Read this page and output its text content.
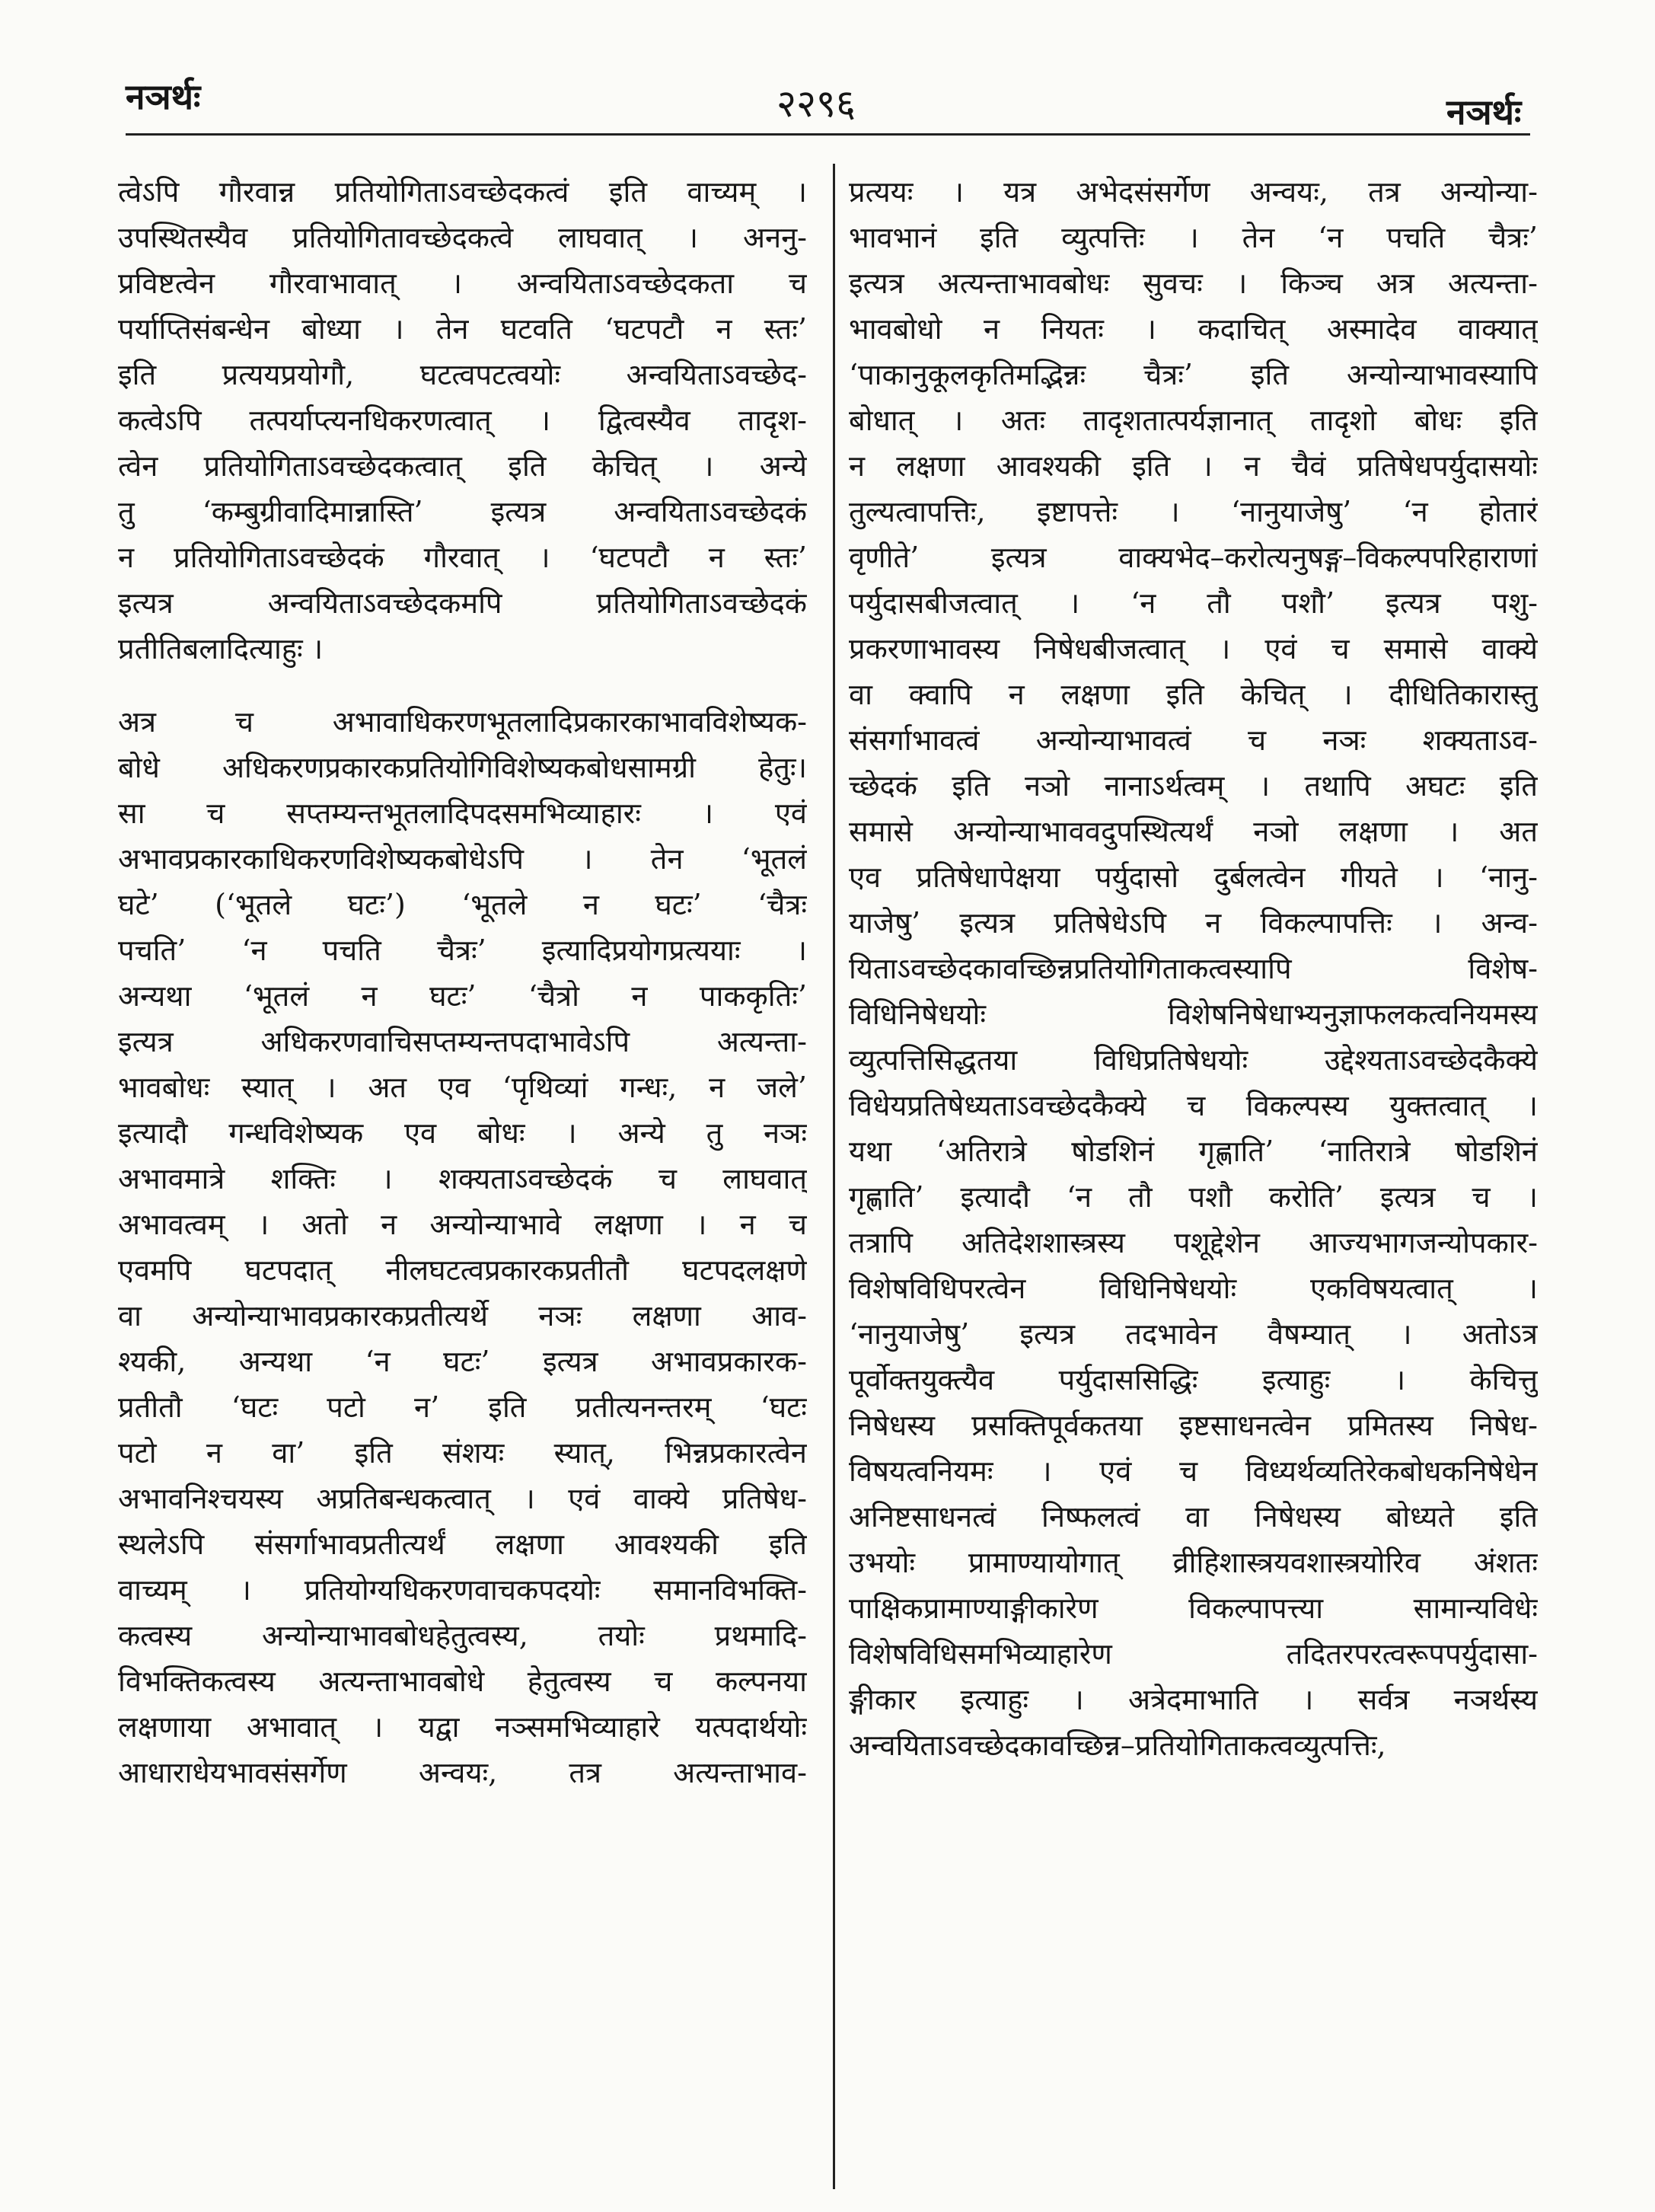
नञर्थः	२२९६	नञर्थः
त्वेऽपि गौरवान्न प्रतियोगिताऽवच्छेदकत्वं इति वाच्यम् ।
उपस्थितस्यैव प्रतियोगितावच्छेदकत्वे लाघवात् । अननु-
प्रविष्टत्वेन गौरवाभावात् । अन्वयिताऽवच्छेदकता च
पर्याप्तिसंबन्धेन बोध्या । तेन घटवति ‘घटपटौ न स्तः’
इति प्रत्ययप्रयोगौ, घटत्वपटत्वयोः अन्वयिताऽवच्छेद-
कत्वेऽपि तत्पर्याप्त्यनधिकरणत्वात् । द्वित्वस्यैव तादृश-
त्वेन प्रतियोगिताऽवच्छेदकत्वात् इति केचित् । अन्ये
तु ‘कम्बुग्रीवादिमान्नास्ति’ इत्यत्र अन्वयिताऽवच्छेदकं
न प्रतियोगिताऽवच्छेदकं गौरवात् । ‘घटपटौ न स्तः’
इत्यत्र अन्वयिताऽवच्छेदकमपि प्रतियोगिताऽवच्छेदकं
प्रतीतिबलादित्याहुः ।
अत्र च अभावाधिकरणभूतलादिप्रकारकाभावविशेष्यक-
बोधे अधिकरणप्रकारकप्रतियोगिविशेष्यकबोधसामग्री हेतुः।
सा च सप्तम्यन्तभूतलादिपदसमभिव्याहारः । एवं
अभावप्रकारकाधिकरणविशेष्यकबोधेऽपि । तेन ‘भूतलं
घटे’ (‘भूतले घटः’) ‘भूतले न घटः’ ‘चैत्रः
पचति’ ‘न पचति चैत्रः’ इत्यादिप्रयोगप्रत्ययाः ।
अन्यथा ‘भूतलं न घटः’ ‘चैत्रो न पाककृतिः’
इत्यत्र अधिकरणवाचिसप्तम्यन्तपदाभावेऽपि अत्यन्ता-
भावबोधः स्यात् । अत एव ‘पृथिव्यां गन्धः, न जले’
इत्यादौ गन्धविशेष्यक एव बोधः । अन्ये तु नञः
अभावमात्रे शक्तिः । शक्यताऽवच्छेदकं च लाघवात्
अभावत्वम् । अतो न अन्योन्याभावे लक्षणा । न च
एवमपि घटपदात् नीलघटत्वप्रकारकप्रतीतौ घटपदलक्षणे
वा अन्योन्याभावप्रकारकप्रतीत्यर्थे नञः लक्षणा आव-
श्यकी, अन्यथा ‘न घटः’ इत्यत्र अभावप्रकारक-
प्रतीतौ ‘घटः पटो न’ इति प्रतीत्यनन्तरम् ‘घटः
पटो न वा’ इति संशयः स्यात्, भिन्नप्रकारत्वेन
अभावनिश्चयस्य अप्रतिबन्धकत्वात् । एवं वाक्ये प्रतिषेध-
स्थलेऽपि संसर्गाभावप्रतीत्यर्थं लक्षणा आवश्यकी इति
वाच्यम् । प्रतियोग्यधिकरणवाचकपदयोः समानविभक्ति-
कत्वस्य अन्योन्याभावबोधहेतुत्वस्य, तयोः प्रथमादि-
विभक्तिकत्वस्य अत्यन्ताभावबोधे हेतुत्वस्य च कल्पनया
लक्षणाया अभावात् । यद्वा नञ्समभिव्याहारे यत्पदार्थयोः
आधाराधेयभावसंसर्गेण अन्वयः, तत्र अत्यन्ताभाव-
प्रत्ययः । यत्र अभेदसंसर्गेण अन्वयः, तत्र अन्योन्या-
भावभानं इति व्युत्पत्तिः । तेन ‘न पचति चैत्रः’
इत्यत्र अत्यन्ताभावबोधः सुवचः । किञ्च अत्र अत्यन्ता-
भावबोधो न नियतः । कदाचित् अस्मादेव वाक्यात्
‘पाकानुकूलकृतिमद्भिन्नः चैत्रः’ इति अन्योन्याभावस्यापि
बोधात् । अतः तादृशतात्पर्यज्ञानात् तादृशो बोधः इति
न लक्षणा आवश्यकी इति । न चैवं प्रतिषेधपर्युदासयोः
तुल्यत्वापत्तिः, इष्टापत्तेः । ‘नानुयाजेषु’ ‘न होतारं
वृणीते’ इत्यत्र वाक्यभेद–करोत्यनुषङ्ग–विकल्पपरिहाराणां
पर्युदासबीजत्वात् । ‘न तौ पशौ’ इत्यत्र पशु-
प्रकरणाभावस्य निषेधबीजत्वात् । एवं च समासे वाक्ये
वा क्वापि न लक्षणा इति केचित् । दीधितिकारास्तु
संसर्गाभावत्वं अन्योन्याभावत्वं च नञः शक्यताऽव-
च्छेदकं इति नञो नानाऽर्थत्वम् । तथापि अघटः इति
समासे अन्योन्याभाववदुपस्थित्यर्थं नञो लक्षणा । अत
एव प्रतिषेधापेक्षया पर्युदासो दुर्बलत्वेन गीयते । ‘नानु-
याजेषु’ इत्यत्र प्रतिषेधेऽपि न विकल्पापत्तिः । अन्व-
यिताऽवच्छेदकावच्छिन्नप्रतियोगिताकत्वस्यापि विशेष-
विधिनिषेधयोः विशेषनिषेधाभ्यनुज्ञाफलकत्वनियमस्य
व्युत्पत्तिसिद्धतया विधिप्रतिषेधयोः उद्देश्यताऽवच्छेदकैक्ये
विधेयप्रतिषेध्यताऽवच्छेदकैक्ये च विकल्पस्य युक्तत्वात् ।
यथा ‘अतिरात्रे षोडशिनं गृह्णाति’ ‘नातिरात्रे षोडशिनं
गृह्णाति’ इत्यादौ ‘न तौ पशौ करोति’ इत्यत्र च ।
तत्रापि अतिदेशशास्त्रस्य पशूद्देशेन आज्यभागजन्योपकार-
विशेषविधिपरत्वेन विधिनिषेधयोः एकविषयत्वात् ।
‘नानुयाजेषु’ इत्यत्र तदभावेन वैषम्यात् । अतोऽत्र
पूर्वोक्तयुक्त्यैव पर्युदाससिद्धिः इत्याहुः । केचित्तु
निषेधस्य प्रसक्तिपूर्वकतया इष्टसाधनत्वेन प्रमितस्य निषेध-
विषयत्वनियमः । एवं च विध्यर्थव्यतिरेकबोधकनिषेधेन
अनिष्टसाधनत्वं निष्फलत्वं वा निषेधस्य बोध्यते इति
उभयोः प्रामाण्यायोगात् व्रीहिशास्त्रयवशास्त्रयोरिव अंशतः
पाक्षिकप्रामाण्याङ्गीकारेण विकल्पापत्त्या सामान्यविधेः
विशेषविधिसमभिव्याहारेण तदितरपरत्वरूपपर्युदासा-
ङ्गीकार इत्याहुः । अत्रेदमाभाति । सर्वत्र नञर्थस्य
अन्वयिताऽवच्छेदकावच्छिन्न–प्रतियोगिताकत्वव्युत्पत्तिः,
